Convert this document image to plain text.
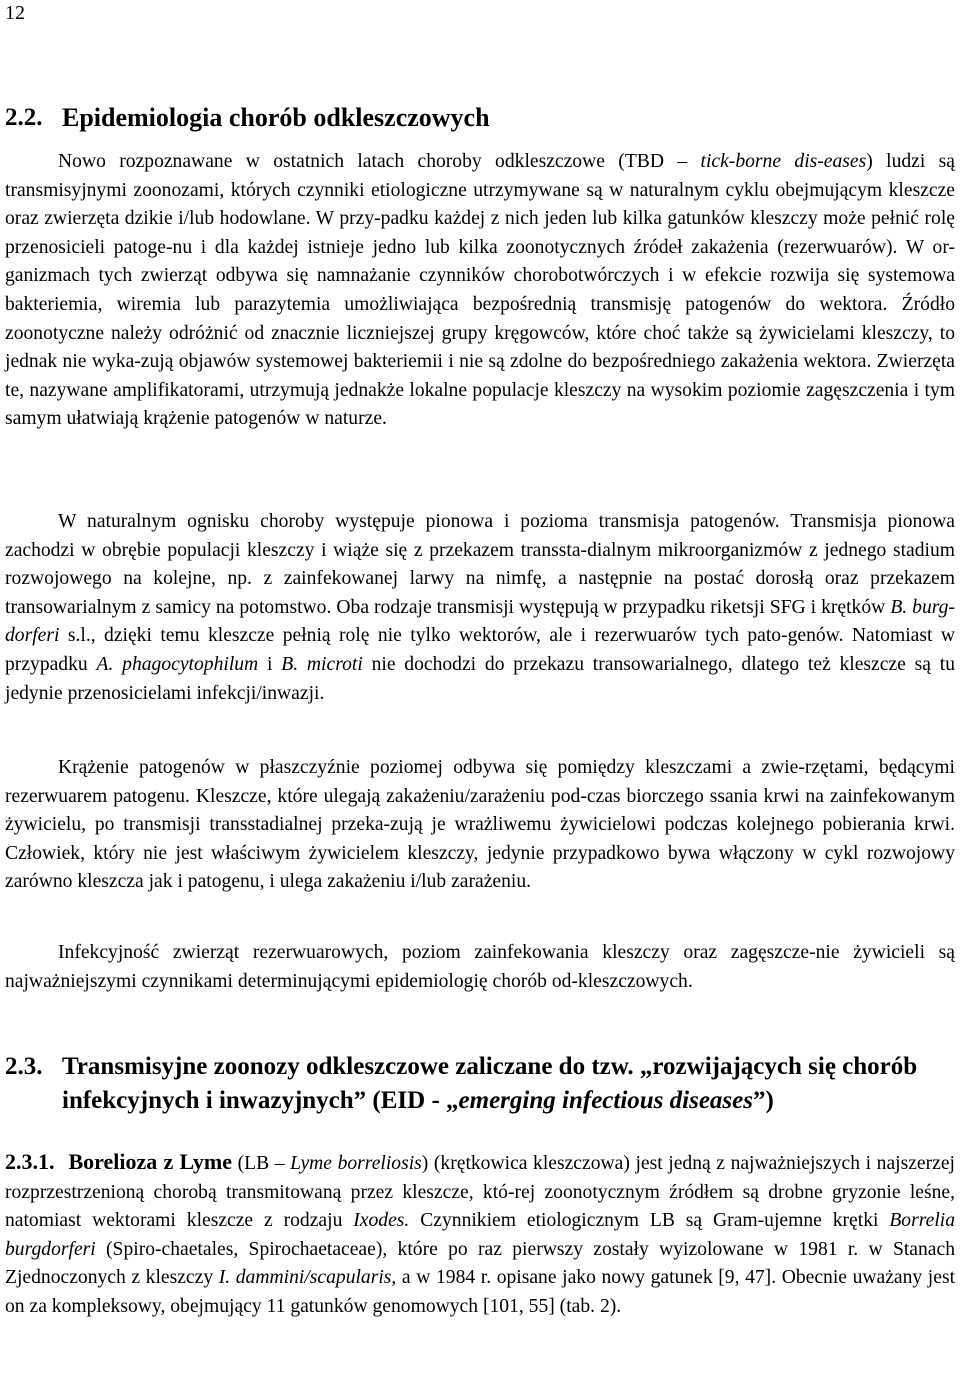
12
2.2. Epidemiologia chorób odkleszczowych

Nowo rozpoznawane w ostatnich latach choroby odkleszczowe (TBD – tick-borne dis-eases) ludzi są transmisyjnymi zoonozami, których czynniki etiologiczne utrzymywane są w naturalnym cyklu obejmującym kleszcze oraz zwierzęta dzikie i/lub hodowlane. W przy-padku każdej z nich jeden lub kilka gatunków kleszczy może pełnić rolę przenosicieli patoge-nu i dla każdej istnieje jedno lub kilka zoonotycznych źródeł zakażenia (rezerwuarów). W or-ganizmach tych zwierząt odbywa się namnażanie czynników chorobotwórczych i w efekcie rozwija się systemowa bakteriemia, wiremia lub parazytemia umożliwiająca bezpośrednią transmisję patogenów do wektora. Źródło zoonotyczne należy odróżnić od znacznie liczniejszej grupy kręgowców, które choć także są żywicielami kleszczy, to jednak nie wyka-zują objawów systemowej bakteriemii i nie są zdolne do bezpośredniego zakażenia wektora. Zwierzęta te, nazywane amplifikatorami, utrzymują jednakże lokalne populacje kleszczy na wysokim poziomie zagęszczenia i tym samym ułatwiają krążenie patogenów w naturze.

W naturalnym ognisku choroby występuje pionowa i pozioma transmisja patogenów. Transmisja pionowa zachodzi w obrębie populacji kleszczy i wiąże się z przekazem transsta-dialnym mikroorganizmów z jednego stadium rozwojowego na kolejne, np. z zainfekowanej larwy na nimfę, a następnie na postać dorosłą oraz przekazem transowarialnym z samicy na potomstwo. Oba rodzaje transmisji występują w przypadku riketsji SFG i krętków B. burg-dorferi s.l., dzięki temu kleszcze pełnią rolę nie tylko wektorów, ale i rezerwuarów tych pato-genów. Natomiast w przypadku A. phagocytophilum i B. microti nie dochodzi do przekazu transowarialnego, dlatego też kleszcze są tu jedynie przenosicielami infekcji/inwazji.

Krążenie patogenów w płaszczyźnie poziomej odbywa się pomiędzy kleszczami a zwie-rzętami, będącymi rezerwuarem patogenu. Kleszcze, które ulegają zakażeniu/zarażeniu pod-czas biorczego ssania krwi na zainfekowanym żywicielu, po transmisji transstadialnej przeka-zują je wrażliwemu żywicielowi podczas kolejnego pobierania krwi. Człowiek, który nie jest właściwym żywicielem kleszczy, jedynie przypadkowo bywa włączony w cykl rozwojowy zarówno kleszcza jak i patogenu, i ulega zakażeniu i/lub zarażeniu.

Infekcyjność zwierząt rezerwuarowych, poziom zainfekowania kleszczy oraz zagęszcze-nie żywicieli są najważniejszymi czynnikami determinującymi epidemiologię chorób od-kleszczowych.

2.3. Transmisyjne zoonozy odkleszczowe zaliczane do tzw. „rozwijających się chorób infekcyjnych i inwazyjnych” (EID - „emerging infectious diseases”)

2.3.1. Borelioza z Lyme (LB – Lyme borreliosis) (krętkowica kleszczowa) jest jedną z najważniejszych i najszerzej rozprzestrzenioną chorobą transmitowaną przez kleszcze, któ-rej zoonotycznym źródłem są drobne gryzonie leśne, natomiast wektorami kleszcze z rodzaju Ixodes. Czynnikiem etiologicznym LB są Gram-ujemne krętki Borrelia burgdorferi (Spiro-chaetales, Spirochaetaceae), które po raz pierwszy zostały wyizolowane w 1981 r. w Stanach Zjednoczonych z kleszczy I. dammini/scapularis, a w 1984 r. opisane jako nowy gatunek [9, 47]. Obecnie uważany jest on za kompleksowy, obejmujący 11 gatunków genomowych [101, 55] (tab. 2).
